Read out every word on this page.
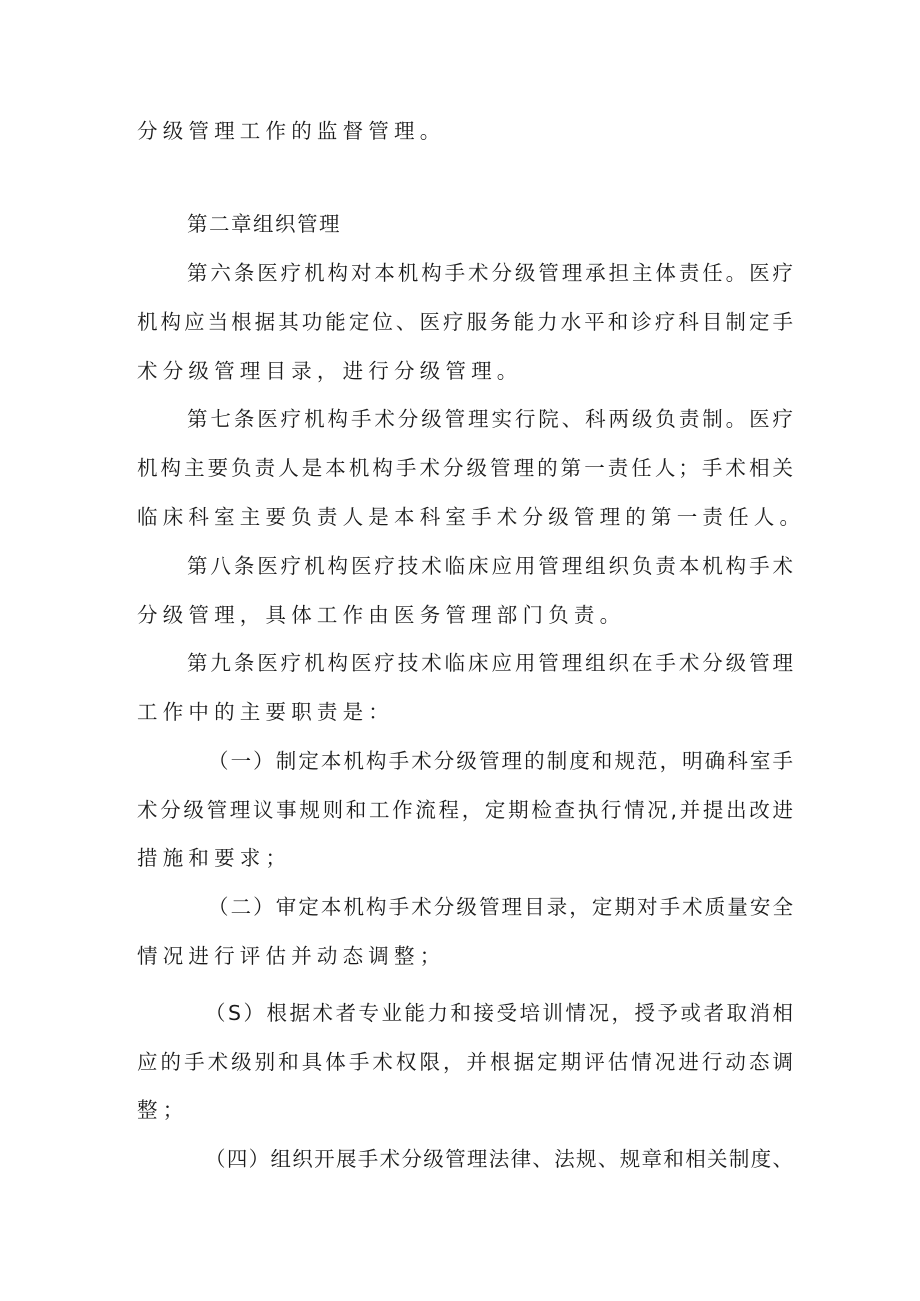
分级管理工作的监督管理。
第二章组织管理
第六条医疗机构对本机构手术分级管理承担主体责任。医疗
机构应当根据其功能定位、医疗服务能力水平和诊疗科目制定手
术分级管理目录，进行分级管理。
第七条医疗机构手术分级管理实行院、科两级负责制。医疗
机构主要负责人是本机构手术分级管理的第一责任人；手术相关
临床科室主要负责人是本科室手术分级管理的第一责任人。
第八条医疗机构医疗技术临床应用管理组织负责本机构手术
分级管理，具体工作由医务管理部门负责。
第九条医疗机构医疗技术临床应用管理组织在手术分级管理
工作中的主要职责是：
（一）制定本机构手术分级管理的制度和规范，明确科室手
术分级管理议事规则和工作流程，定期检查执行情况,并提出改进
措施和要求；
（二）审定本机构手术分级管理目录，定期对手术质量安全
情况进行评估并动态调整；
（S）根据术者专业能力和接受培训情况，授予或者取消相
应的手术级别和具体手术权限，并根据定期评估情况进行动态调
整；
（四）组织开展手术分级管理法律、法规、规章和相关制度、
